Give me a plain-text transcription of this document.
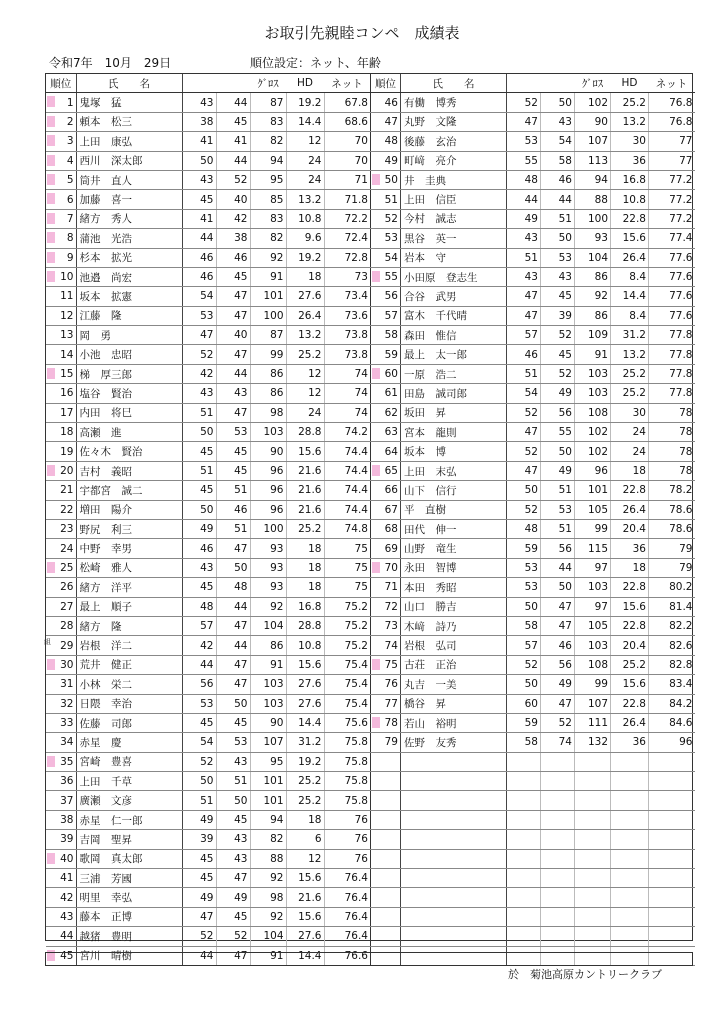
お取引先親睦コンペ　成績表
令和7年　10月　29日	順位設定：ネット、年齢
順位	氏　　名			ｸﾞﾛｽ	HD	ネット
1	鬼塚　猛	43	44	87	19.2	67.8
2	頼本　松三	38	45	83	14.4	68.6
3	上田　康弘	41	41	82	12	70
4	西川　深太郎	50	44	94	24	70
5	筒井　直人	43	52	95	24	71
6	加藤　喜一	45	40	85	13.2	71.8
7	緒方　秀人	41	42	83	10.8	72.2
8	蒲池　光浩	44	38	82	9.6	72.4
9	杉本　拡光	46	46	92	19.2	72.8
10	池邉　尚宏	46	45	91	18	73
11	坂本　拡憲	54	47	101	27.6	73.4
12	江藤　隆	53	47	100	26.4	73.6
13	岡　勇	47	40	87	13.2	73.8
14	小池　忠昭	52	47	99	25.2	73.8
15	梯　厚三郎	42	44	86	12	74
16	塩谷　賢治	43	43	86	12	74
17	内田　将巳	51	47	98	24	74
18	高瀬　進	50	53	103	28.8	74.2
19	佐々木　賢治	45	45	90	15.6	74.4
20	吉村　義昭	51	45	96	21.6	74.4
21	宇都宮　誠二	45	51	96	21.6	74.4
22	増田　陽介	50	46	96	21.6	74.4
23	野尻　利三	49	51	100	25.2	74.8
24	中野　幸男	46	47	93	18	75
25	松崎　雅人	43	50	93	18	75
26	緒方　洋平	45	48	93	18	75
27	最上　順子	48	44	92	16.8	75.2
28	緒方　隆	57	47	104	28.8	75.2

組 29	岩根　洋二	42	44	86	10.8	75.2
30	荒井　健正	44	47	91	15.6	75.4
31	小林　栄二	56	47	103	27.6	75.4
32	日隈　幸治	53	50	103	27.6	75.4
33	佐藤　司郎	45	45	90	14.4	75.6
34	赤星　慶	54	53	107	31.2	75.8
35	宮崎　豊喜	52	43	95	19.2	75.8
36	上田　千草	50	51	101	25.2	75.8
37	廣瀬　文彦	51	50	101	25.2	75.8
38	赤星　仁一郎	49	45	94	18	76
39	吉岡　聖昇	39	43	82	6	76
40	歌岡　真太郎	45	43	88	12	76
41	三浦　芳國	45	47	92	15.6	76.4
42	明里　幸弘	49	49	98	21.6	76.4
43	藤本　正博	47	45	92	15.6	76.4
44	越猪　豊明	52	52	104	27.6	76.4
45	宮川　晴樹	44	47	91	14.4	76.6
順位	氏　　名			ｸﾞﾛｽ	HD	ネット
46	有働　博秀	52	50	102	25.2	76.8
47	丸野　文隆	47	43	90	13.2	76.8
48	後藤　玄治	53	54	107	30	77
49	町﨑　亮介	55	58	113	36	77
50	井　圭典	48	46	94	16.8	77.2
51	上田　信臣	44	44	88	10.8	77.2
52	今村　誠志	49	51	100	22.8	77.2
53	黒谷　英一	43	50	93	15.6	77.4
54	岩本　守	51	53	104	26.4	77.6
55	小田原　登志生	43	43	86	8.4	77.6
56	合谷　武男	47	45	92	14.4	77.6
57	富木　千代晴	47	39	86	8.4	77.6
58	森田　惟信	57	52	109	31.2	77.8
59	最上　太一郎	46	45	91	13.2	77.8
60	一原　浩二	51	52	103	25.2	77.8
61	田島　誠司郎	54	49	103	25.2	77.8
62	坂田　昇	52	56	108	30	78
63	宮本　龍則	47	55	102	24	78
64	坂本　博	52	50	102	24	78
65	上田　末弘	47	49	96	18	78
66	山下　信行	50	51	101	22.8	78.2
67	平　直樹	52	53	105	26.4	78.6
68	田代　伸一	48	51	99	20.4	78.6
69	山野　竜生	59	56	115	36	79
70	永田　智博	53	44	97	18	79
71	本田　秀昭	53	50	103	22.8	80.2
72	山口　勝吉	50	47	97	15.6	81.4
73	木﨑　詩乃	58	47	105	22.8	82.2
74	岩根　弘司	57	46	103	20.4	82.6
75	古荘　正治	52	56	108	25.2	82.8
76	丸吉　一美	50	49	99	15.6	83.4
77	橋谷　昇	60	47	107	22.8	84.2
78	若山　裕明	59	52	111	26.4	84.6
79	佐野　友秀	58	74	132	36	96

於　菊池高原カントリークラブ
